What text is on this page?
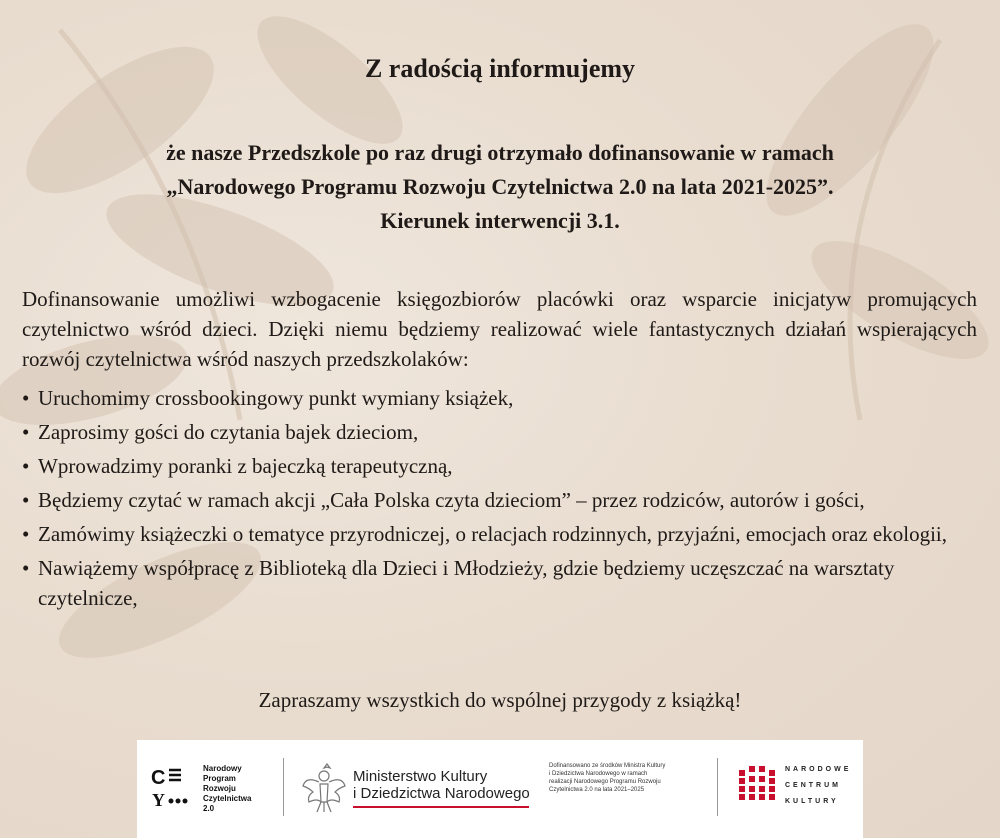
Z radością informujemy
że nasze Przedszkole po raz drugi otrzymało dofinansowanie w ramach
„Narodowego Programu Rozwoju Czytelnictwa 2.0 na lata 2021-2025”.
Kierunek interwencji 3.1.
Dofinansowanie umożliwi wzbogacenie księgozbiorów placówki oraz wsparcie inicjatyw promujących czytelnictwo wśród dzieci. Dzięki niemu będziemy realizować wiele fantastycznych działań wspierających rozwój czytelnictwa wśród naszych przedszkolaków:
• Uruchomimy crossbookingowy punkt wymiany książek,
• Zaprosimy gości do czytania bajek dzieciom,
• Wprowadzimy poranki z bajeczką terapeutyczną,
• Będziemy czytać w ramach akcji „Cała Polska czyta dzieciom” – przez rodziców, autorów i gości,
• Zamówimy książeczki o tematyce przyrodniczej, o relacjach rodzinnych, przyjaźni, emocjach oraz ekologii,
• Nawiążemy współpracę z Biblioteką dla Dzieci i Młodzieży, gdzie będziemy uczęszczać na warsztaty czytelnicze,
Zapraszamy wszystkich do wspólnej przygody z książką!
C
Y
Narodowy
Program
Rozwoju
Czytelnictwa
2.0
Ministerstwo Kultury
i Dziedzictwa Narodowego
Dofinansowano ze środków Ministra Kultury
i Dziedzictwa Narodowego w ramach
realizacji Narodowego Programu Rozwoju
Czytelnictwa 2.0 na lata 2021–2025
NARODOWE
CENTRUM
KULTURY
